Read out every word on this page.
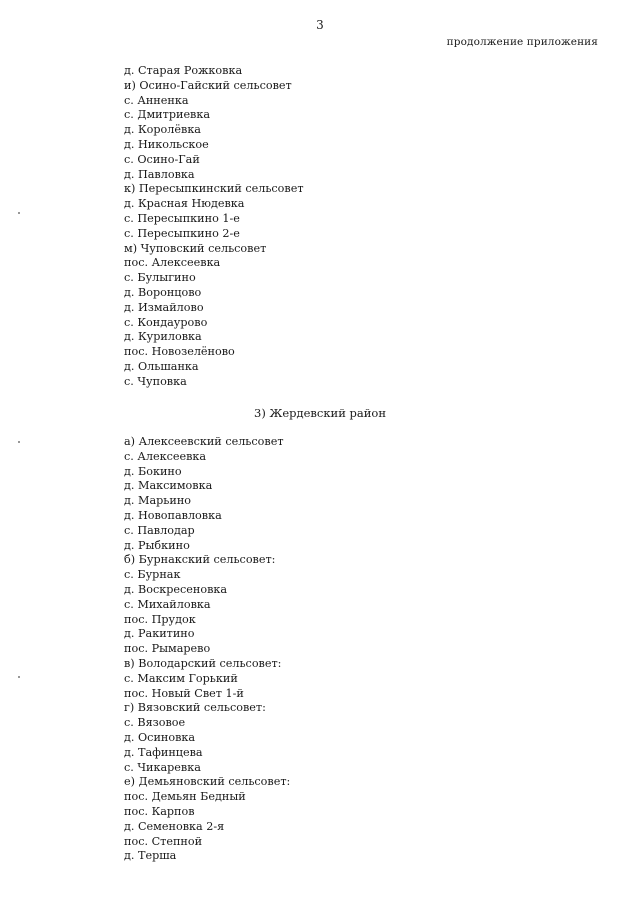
3
продолжение приложения
д. Старая Рожковка
и) Осино-Гайский сельсовет
с. Анненка
с. Дмитриевка
д. Королёвка
д. Никольское
с. Осино-Гай
д. Павловка
к) Пересыпкинский сельсовет
д. Красная Нюдевка
с. Пересыпкино 1-е
с. Пересыпкино 2-е
м) Чуповский сельсовет
пос. Алексеевка
с. Булыгино
д. Воронцово
д. Измайлово
с. Кондаурово
д. Куриловка
пос. Новозелёново
д. Ольшанка
с. Чуповка
3) Жердевский район
а) Алексеевский сельсовет
с. Алексеевка
д. Бокино
д. Максимовка
д. Марьино
д. Новопавловка
с. Павлодар
д. Рыбкино
б) Бурнакский сельсовет:
с. Бурнак
д. Воскресеновка
с. Михайловка
пос. Прудок
д. Ракитино
пос. Рымарево
в) Володарский сельсовет:
с. Максим Горький
пос. Новый Свет 1-й
г) Вязовский сельсовет:
с. Вязовое
д. Осиновка
д. Тафинцева
с. Чикаревка
е) Демьяновский сельсовет:
пос. Демьян Бедный
пос. Карпов
д. Семеновка 2-я
пос. Степной
д. Терша
